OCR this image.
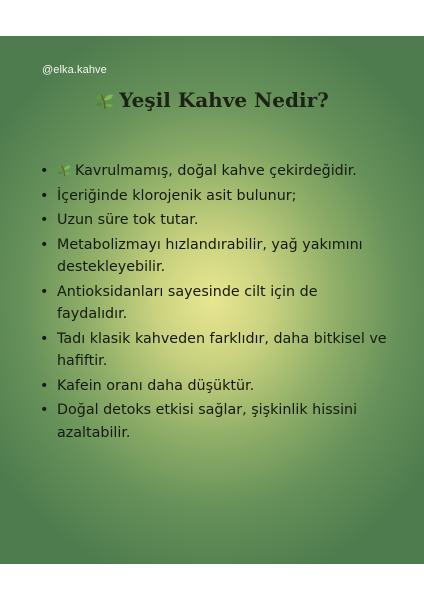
@elka.kahve
Yeşil Kahve Nedir?
• Kavrulmamış, doğal kahve çekirdeğidir.
• İçeriğinde klorojenik asit bulunur;
• Uzun süre tok tutar.
• Metabolizmayı hızlandırabilir, yağ yakımını destekleyebilir.
• Antioksidanları sayesinde cilt için de faydalıdır.
• Tadı klasik kahveden farklıdır, daha bitkisel ve hafiftir.
• Kafein oranı daha düşüktür.
• Doğal detoks etkisi sağlar, şişkinlik hissini azaltabilir.
